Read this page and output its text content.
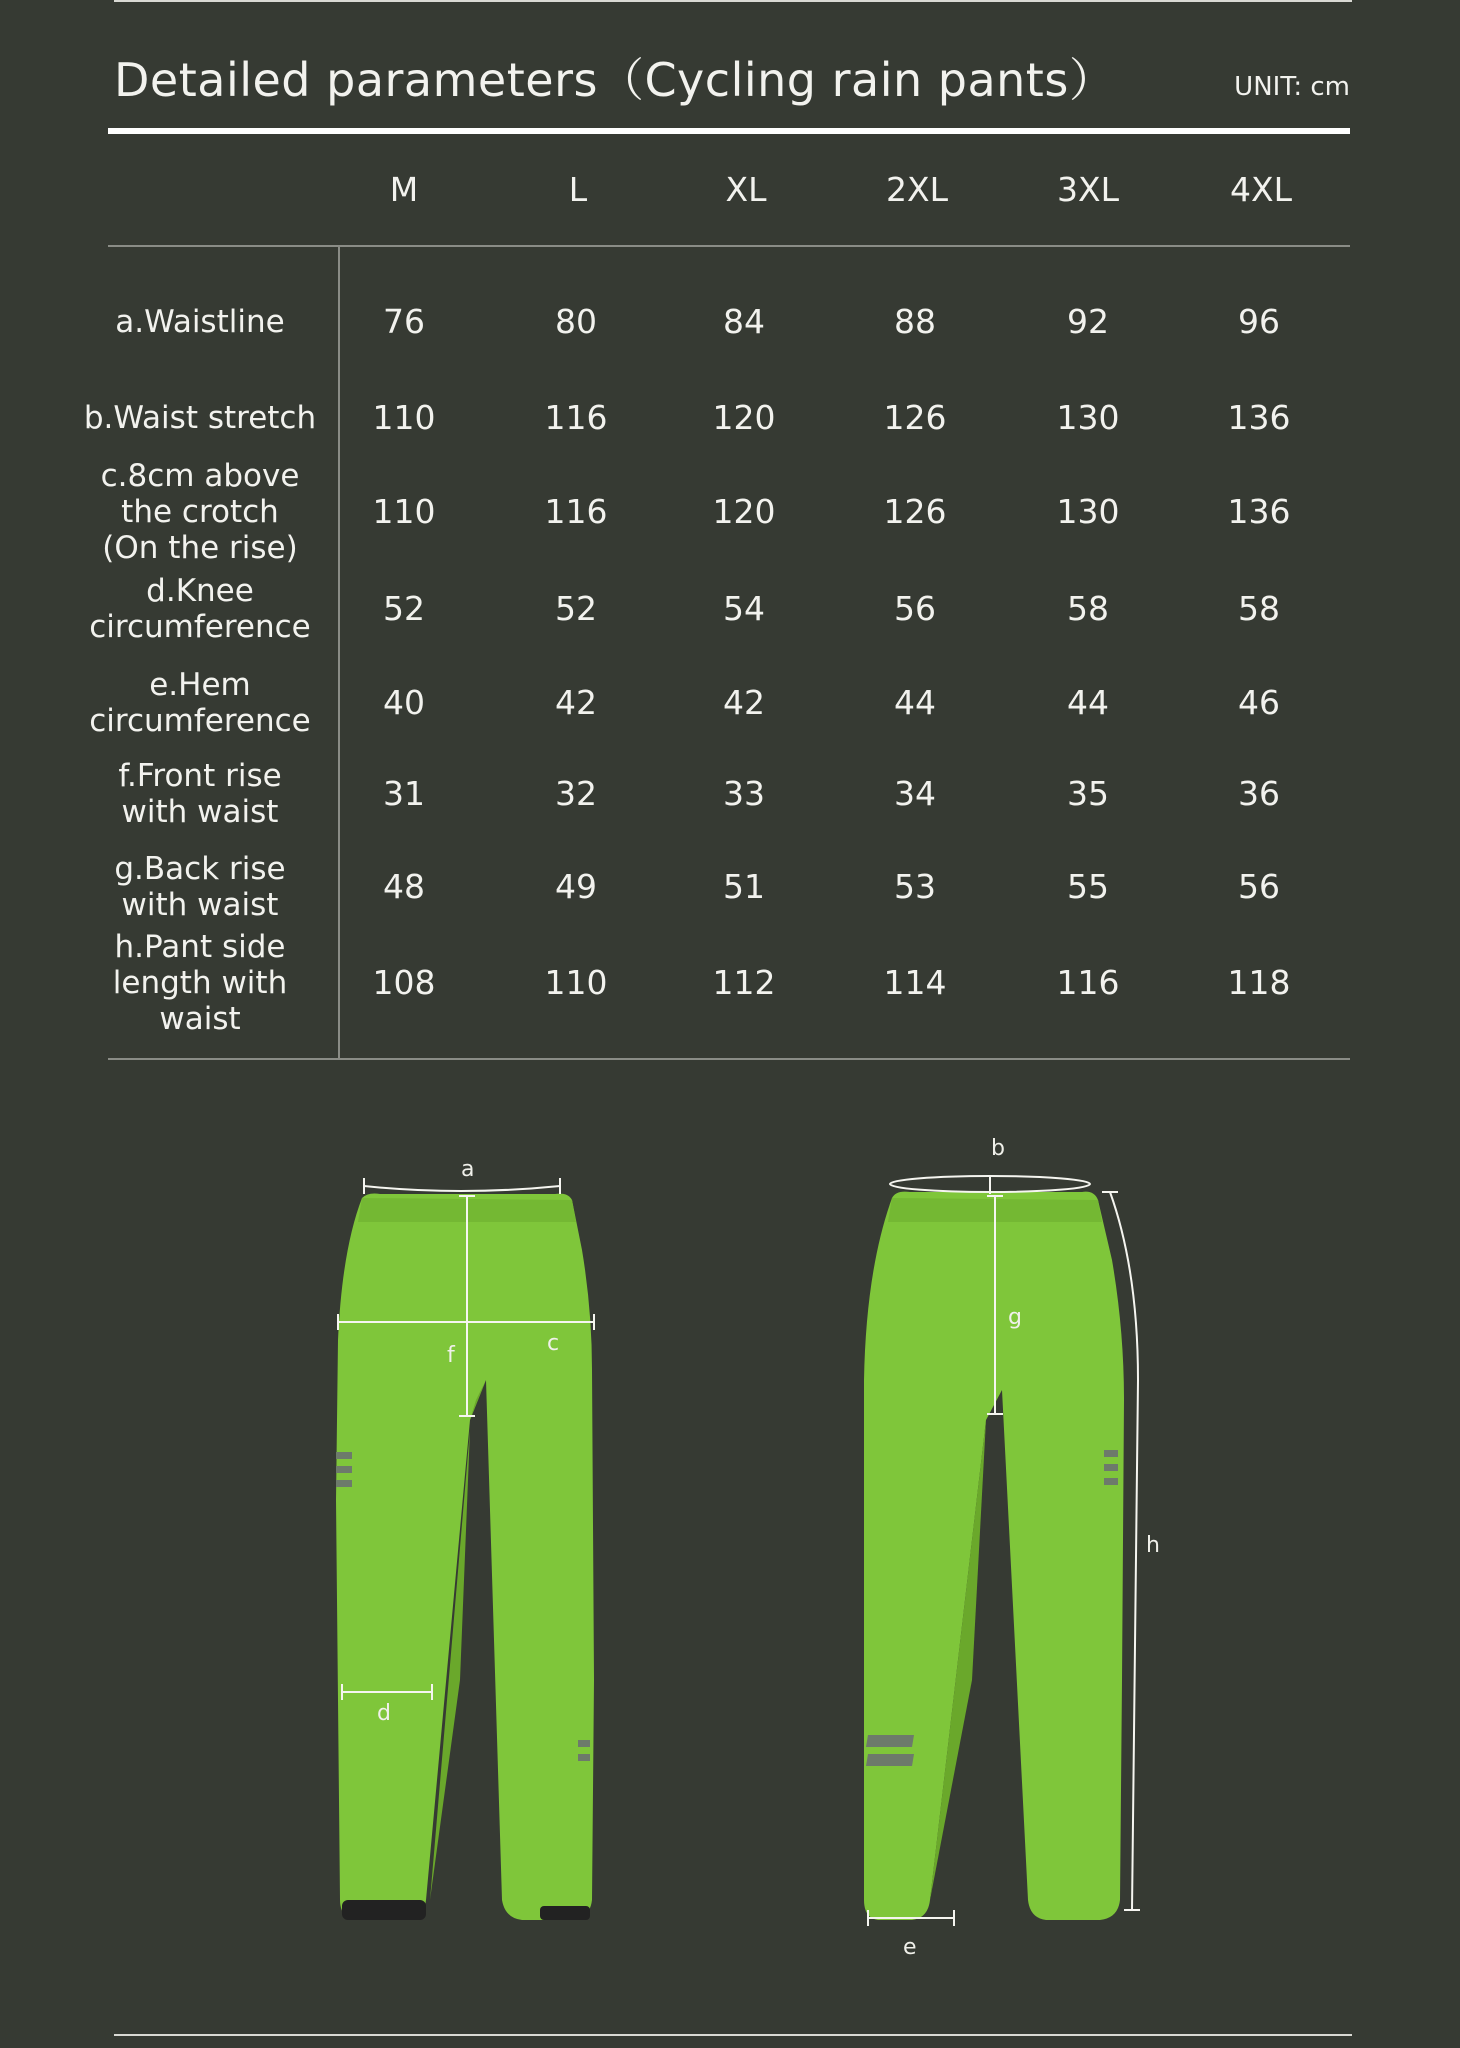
Detailed parameters（Cycling rain pants）	UNIT: cm
M	L	XL	2XL	3XL	4XL
a.Waistline	76	80	84	88	92	96
b.Waist stretch	110	116	120	126	130	136
c.8cm above
the crotch
(On the rise)
110	116	120	126	130	136
d.Knee
circumference	52	52	54	56	58	58
e.Hem
circumference	40	42	42	44	44	46
f.Front rise
with waist	31	32	33	34	35	36
g.Back rise
with waist	48	49	51	53	55	56
h.Pant side
length with
waist
108	110	112	114	116	118
a
c
f
d
b
g
h
e
